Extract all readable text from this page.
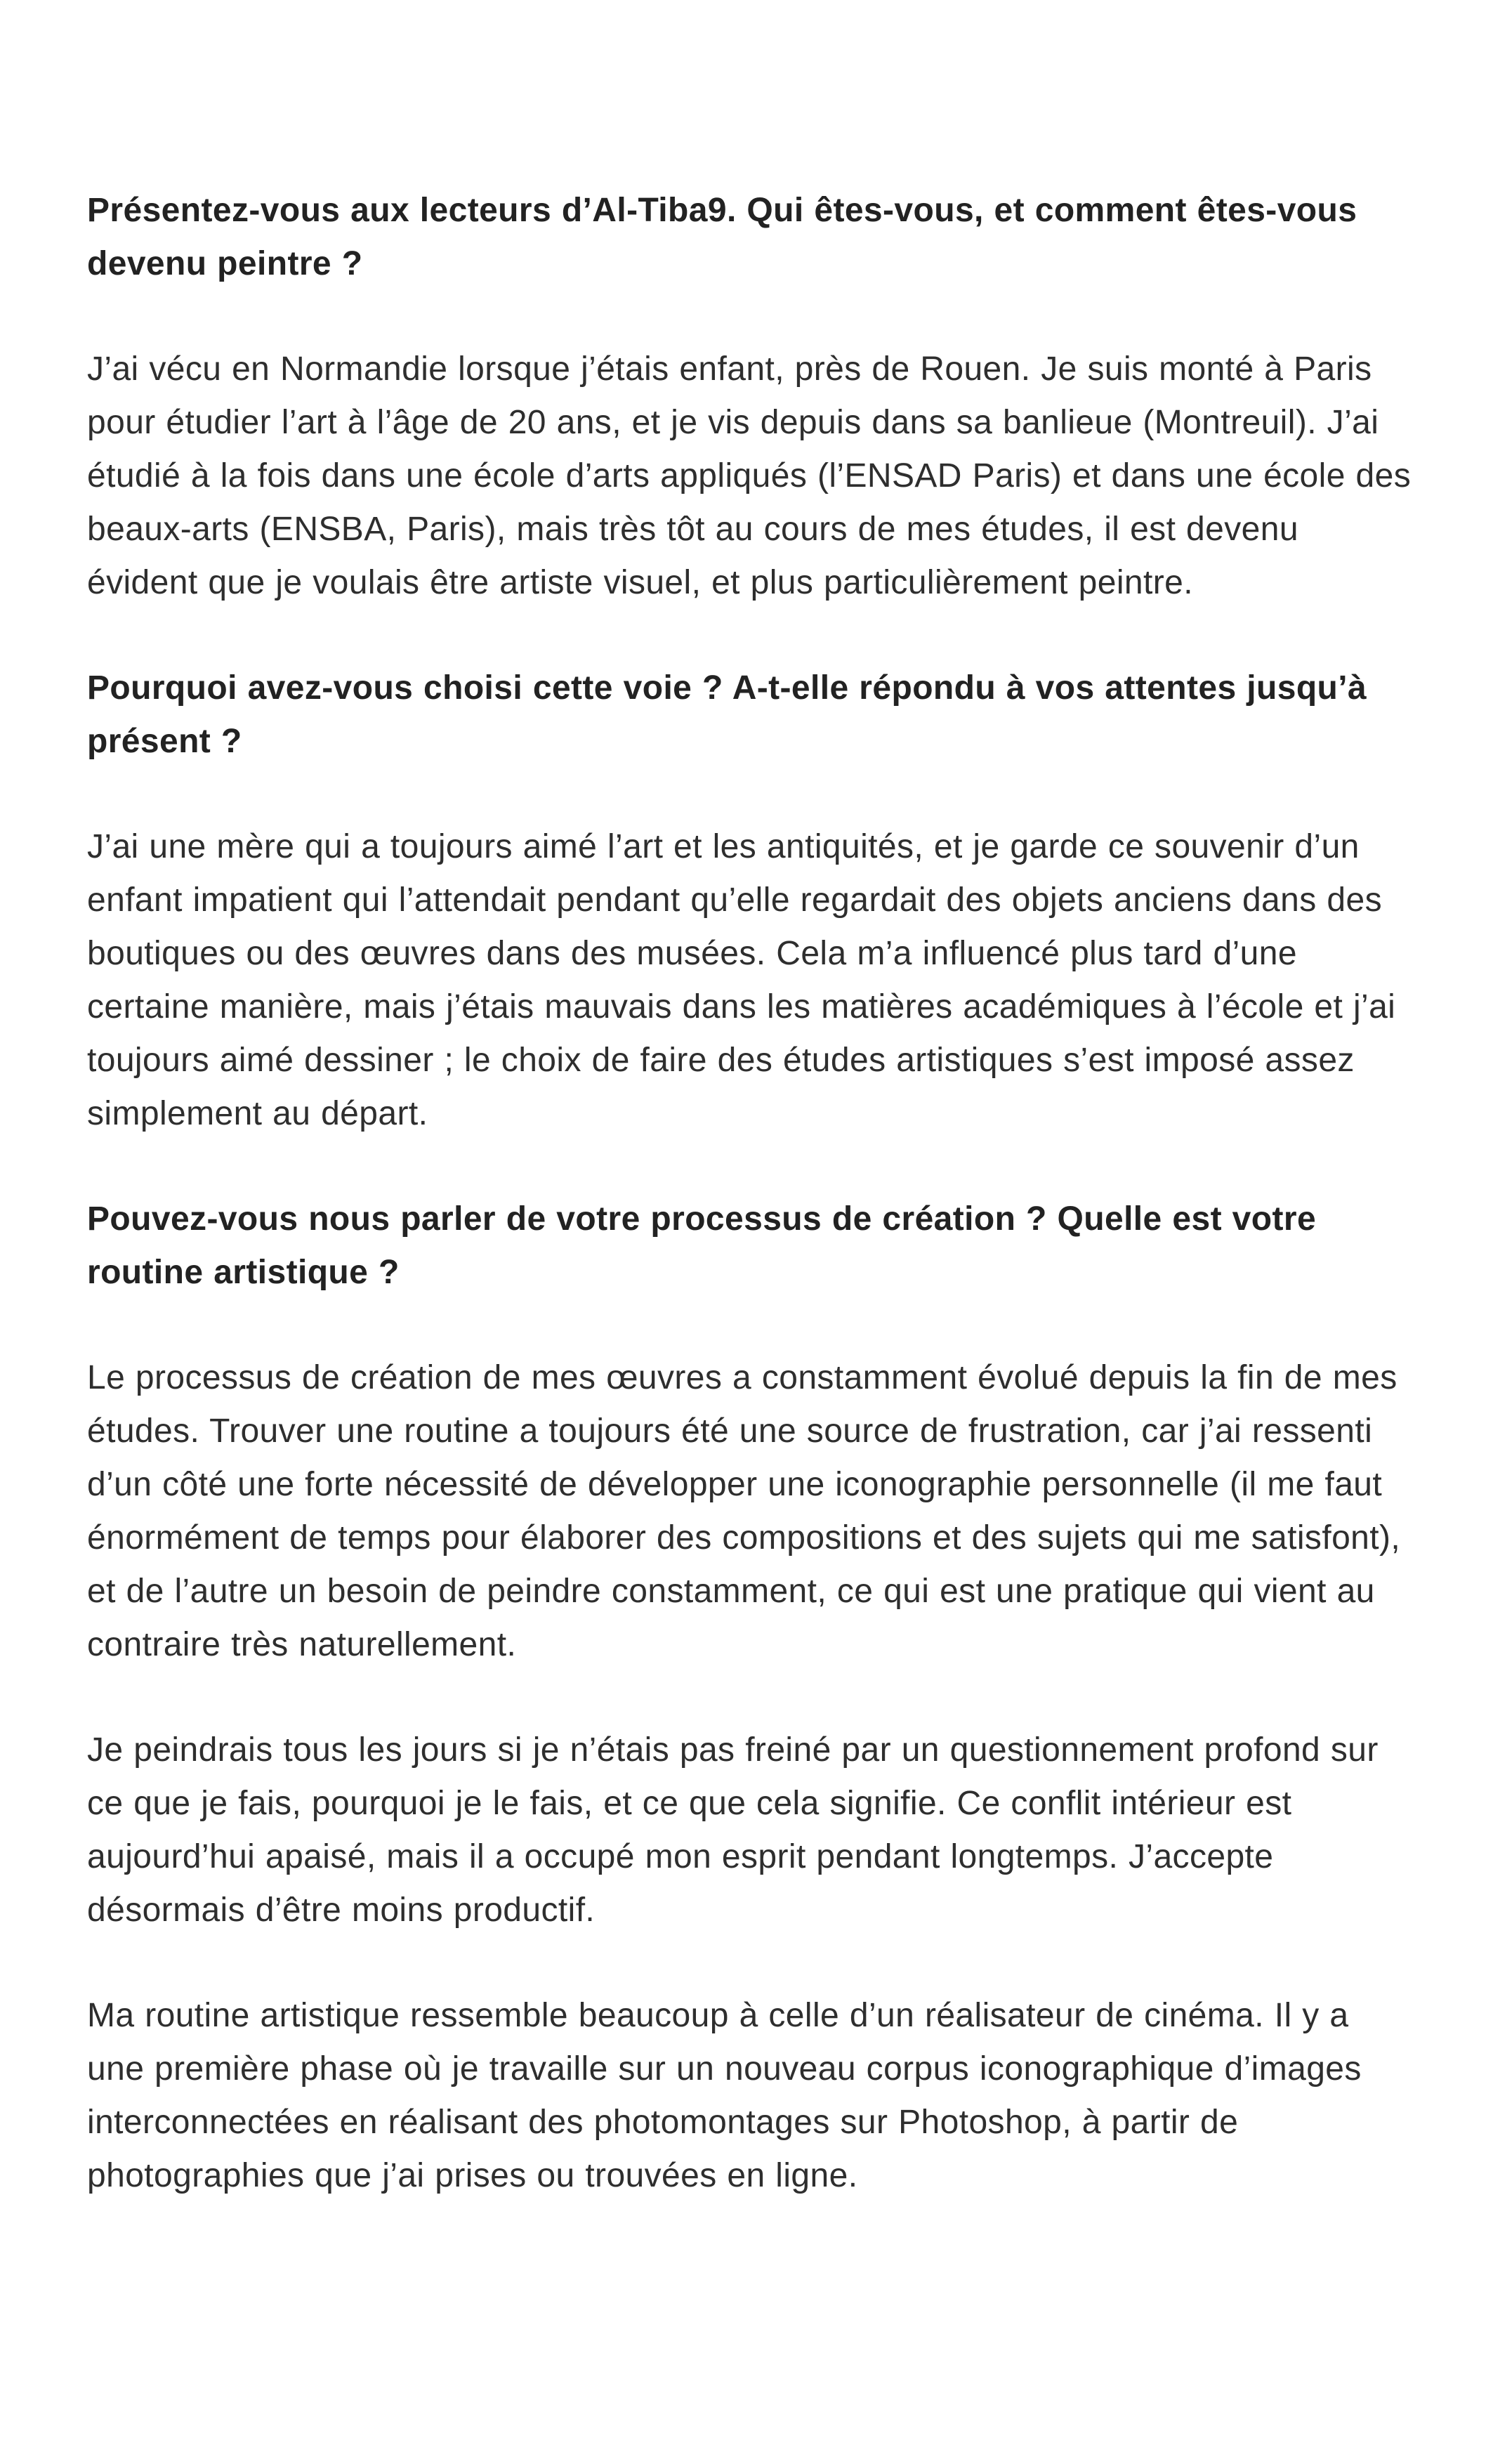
Présentez-vous aux lecteurs d’Al-Tiba9. Qui êtes-vous, et comment êtes-vous devenu peintre ?

J’ai vécu en Normandie lorsque j’étais enfant, près de Rouen. Je suis monté à Paris pour étudier l’art à l’âge de 20 ans, et je vis depuis dans sa banlieue (Montreuil). J’ai étudié à la fois dans une école d’arts appliqués (l’ENSAD Paris) et dans une école des beaux-arts (ENSBA, Paris), mais très tôt au cours de mes études, il est devenu évident que je voulais être artiste visuel, et plus particulièrement peintre.

Pourquoi avez-vous choisi cette voie ? A-t-elle répondu à vos attentes jusqu’à présent ?

J’ai une mère qui a toujours aimé l’art et les antiquités, et je garde ce souvenir d’un enfant impatient qui l’attendait pendant qu’elle regardait des objets anciens dans des boutiques ou des œuvres dans des musées. Cela m’a influencé plus tard d’une certaine manière, mais j’étais mauvais dans les matières académiques à l’école et j’ai toujours aimé dessiner ; le choix de faire des études artistiques s’est imposé assez simplement au départ.

Pouvez-vous nous parler de votre processus de création ? Quelle est votre routine artistique ?

Le processus de création de mes œuvres a constamment évolué depuis la fin de mes études. Trouver une routine a toujours été une source de frustration, car j’ai ressenti d’un côté une forte nécessité de développer une iconographie personnelle (il me faut énormément de temps pour élaborer des compositions et des sujets qui me satisfont), et de l’autre un besoin de peindre constamment, ce qui est une pratique qui vient au contraire très naturellement.

Je peindrais tous les jours si je n’étais pas freiné par un questionnement profond sur ce que je fais, pourquoi je le fais, et ce que cela signifie. Ce conflit intérieur est aujourd’hui apaisé, mais il a occupé mon esprit pendant longtemps. J’accepte désormais d’être moins productif.

Ma routine artistique ressemble beaucoup à celle d’un réalisateur de cinéma. Il y a une première phase où je travaille sur un nouveau corpus iconographique d’images interconnectées en réalisant des photomontages sur Photoshop, à partir de photographies que j’ai prises ou trouvées en ligne.
